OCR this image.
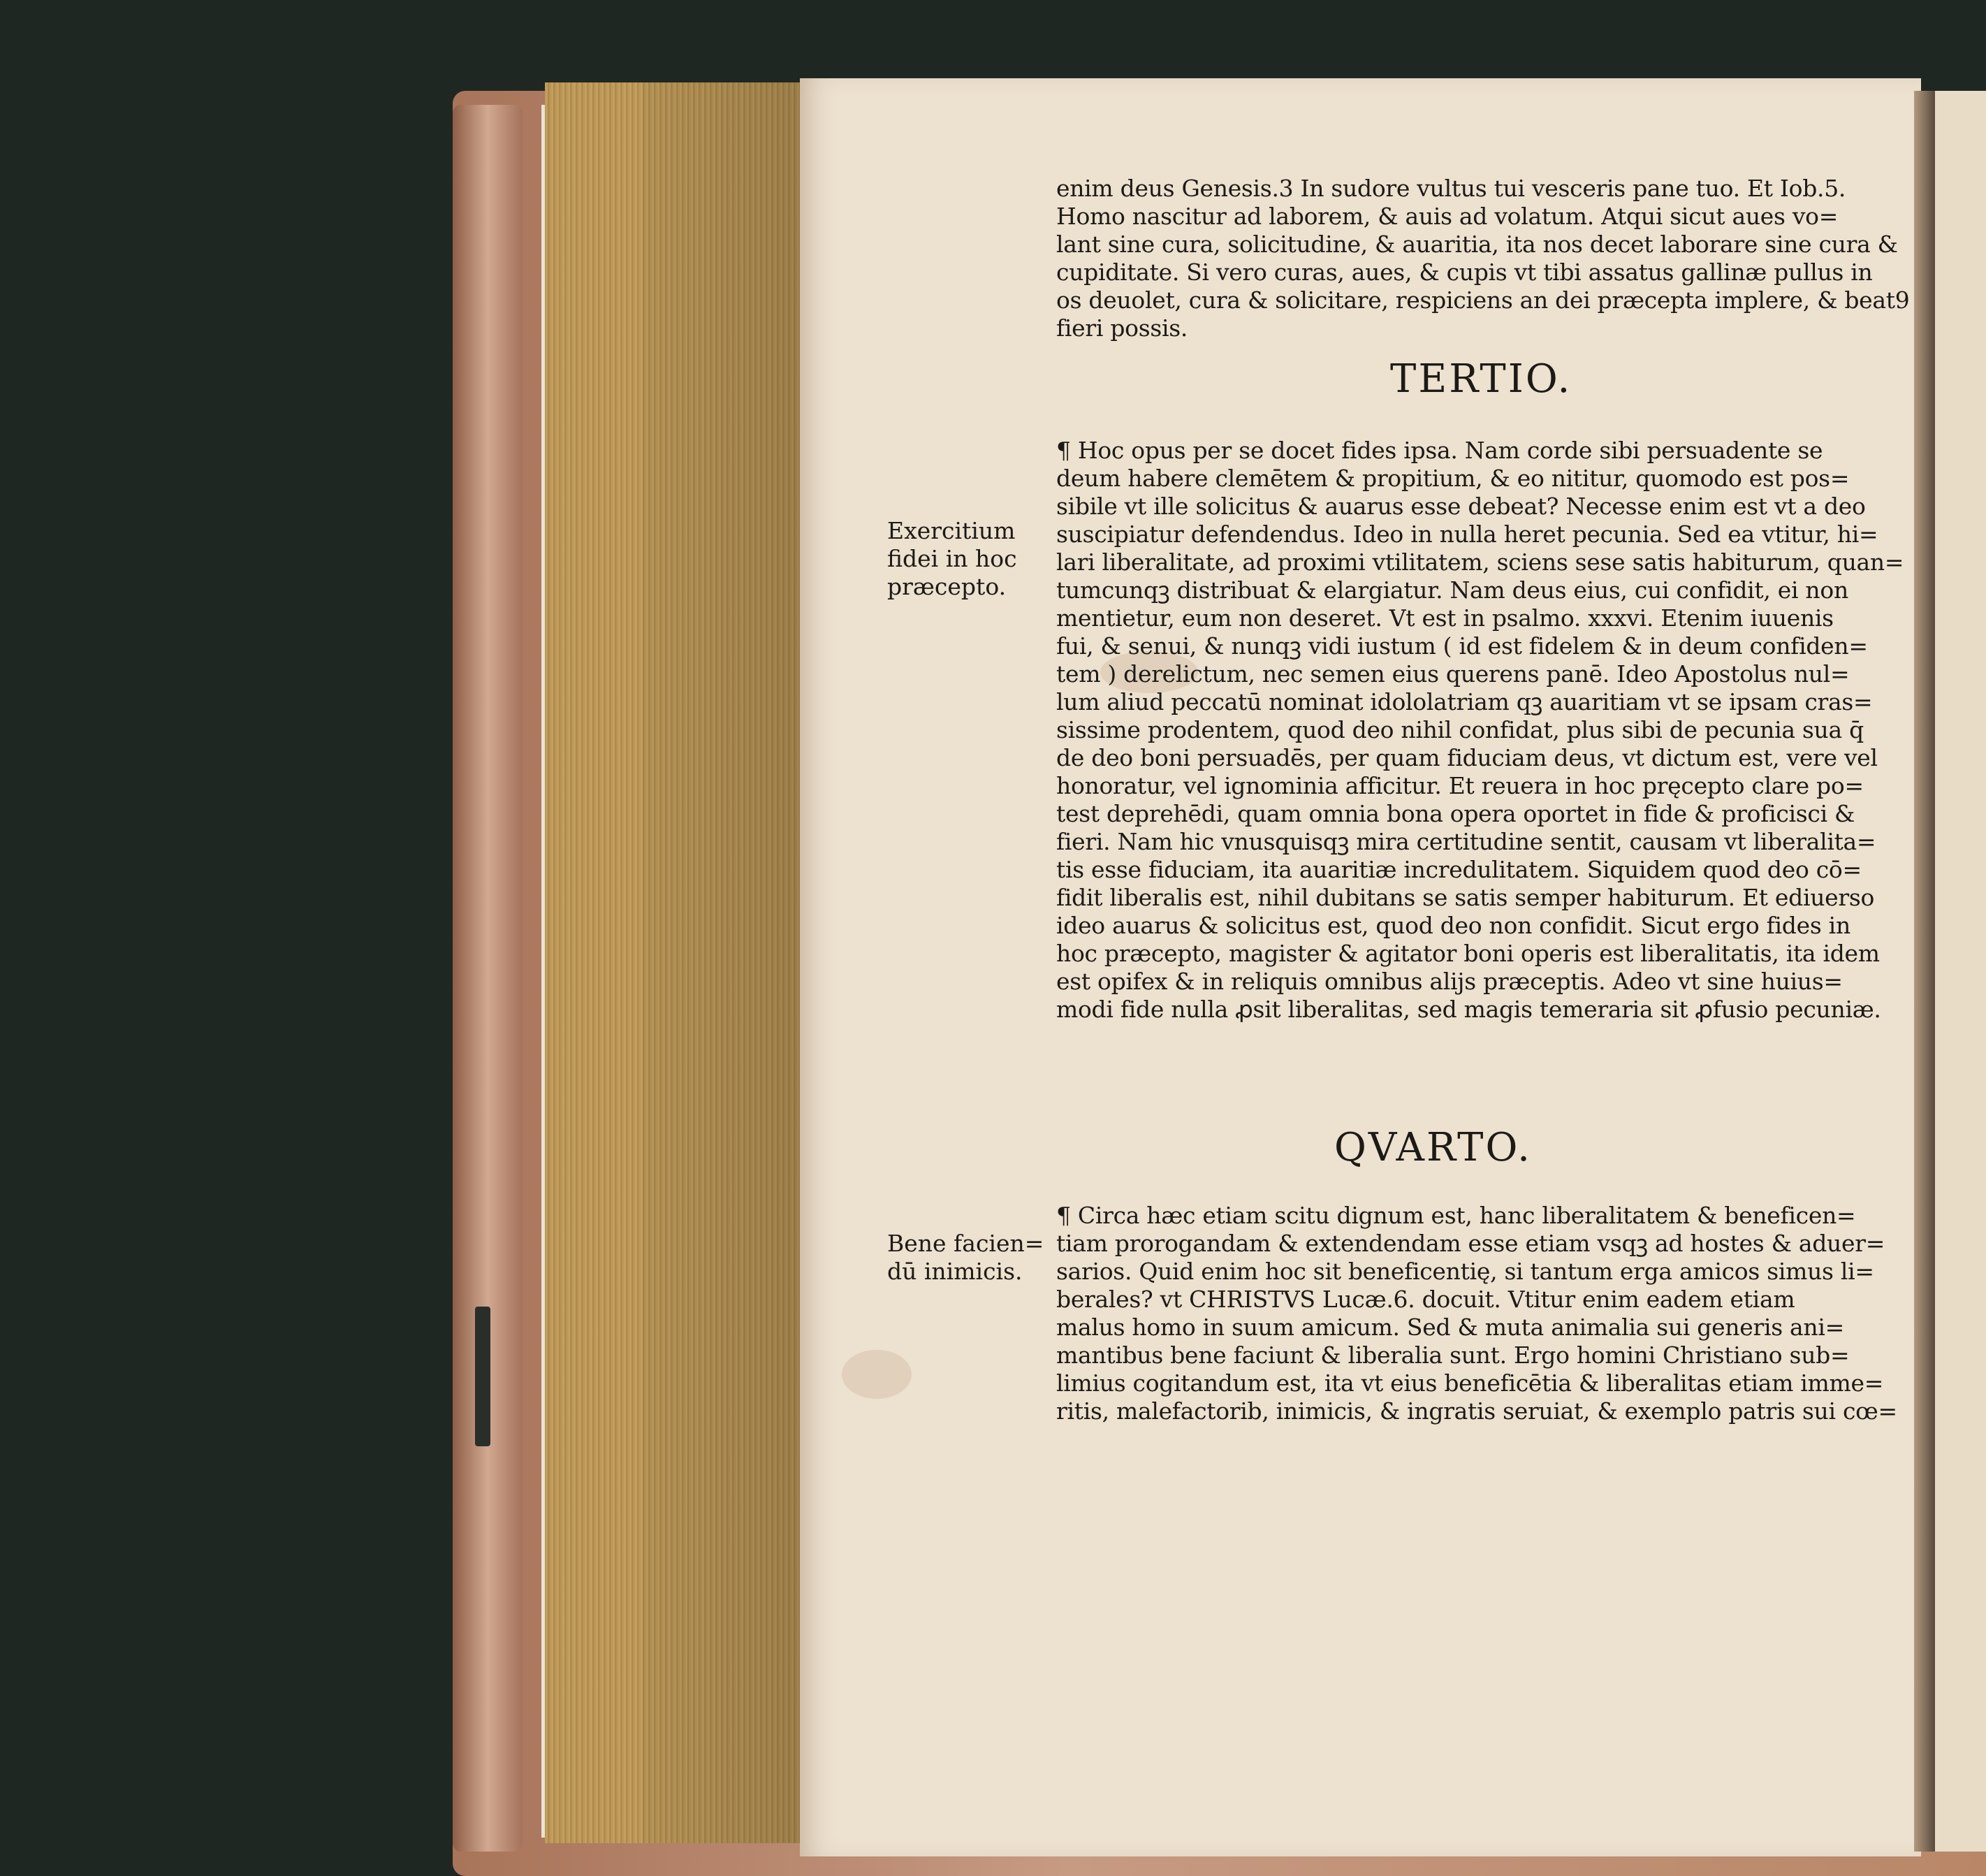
enim deus Genesis.3 In sudore vultus tui vesceris pane tuo. Et Iob.5.
Homo nascitur ad laborem, & auis ad volatum. Atqui sicut aues vo=
lant sine cura, solicitudine, & auaritia, ita nos decet laborare sine cura &
cupiditate. Si vero curas, aues, & cupis vt tibi assatus gallinæ pullus in
os deuolet, cura & solicitare, respiciens an dei præcepta implere, & beat9
fieri possis.
TERTIO.
¶ Hoc opus per se docet fides ipsa. Nam corde sibi persuadente se
deum habere clemētem & propitium, & eo nititur, quomodo est pos=
sibile vt ille solicitus & auarus esse debeat? Necesse enim est vt a deo
suscipiatur defendendus. Ideo in nulla heret pecunia. Sed ea vtitur, hi=
lari liberalitate, ad proximi vtilitatem, sciens sese satis habiturum, quan=
tumcunqꝫ distribuat & elargiatur. Nam deus eius, cui confidit, ei non
mentietur, eum non deseret. Vt est in psalmo. xxxvi. Etenim iuuenis
fui, & senui, & nunqꝫ vidi iustum ( id est fidelem & in deum confiden=
tem ) derelictum, nec semen eius querens panē. Ideo Apostolus nul=
lum aliud peccatū nominat idololatriam qꝫ auaritiam vt se ipsam cras=
sissime prodentem, quod deo nihil confidat, plus sibi de pecunia sua q̄
de deo boni persuadēs, per quam fiduciam deus, vt dictum est, vere vel
honoratur, vel ignominia afficitur. Et reuera in hoc pręcepto clare po=
test deprehēdi, quam omnia bona opera oportet in fide & proficisci &
fieri. Nam hic vnusquisqꝫ mira certitudine sentit, causam vt liberalita=
tis esse fiduciam, ita auaritiæ incredulitatem. Siquidem quod deo cō=
fidit liberalis est, nihil dubitans se satis semper habiturum. Et ediuerso
ideo auarus & solicitus est, quod deo non confidit. Sicut ergo fides in
hoc præcepto, magister & agitator boni operis est liberalitatis, ita idem
est opifex & in reliquis omnibus alijs præceptis. Adeo vt sine huius=
modi fide nulla ꝓsit liberalitas, sed magis temeraria sit ꝓfusio pecuniæ.
QVARTO.
¶ Circa hæc etiam scitu dignum est, hanc liberalitatem & beneficen=
tiam prorogandam & extendendam esse etiam vsqꝫ ad hostes & aduer=
sarios. Quid enim hoc sit beneficentię, si tantum erga amicos simus li=
berales? vt CHRISTVS Lucæ.6. docuit. Vtitur enim eadem etiam
malus homo in suum amicum. Sed & muta animalia sui generis ani=
mantibus bene faciunt & liberalia sunt. Ergo homini Christiano sub=
limius cogitandum est, ita vt eius beneficētia & liberalitas etiam imme=
ritis, malefactorib, inimicis, & ingratis seruiat, & exemplo patris sui cœ=
Exercitium
fidei in hoc
præcepto.
Bene facien=
dū inimicis.
